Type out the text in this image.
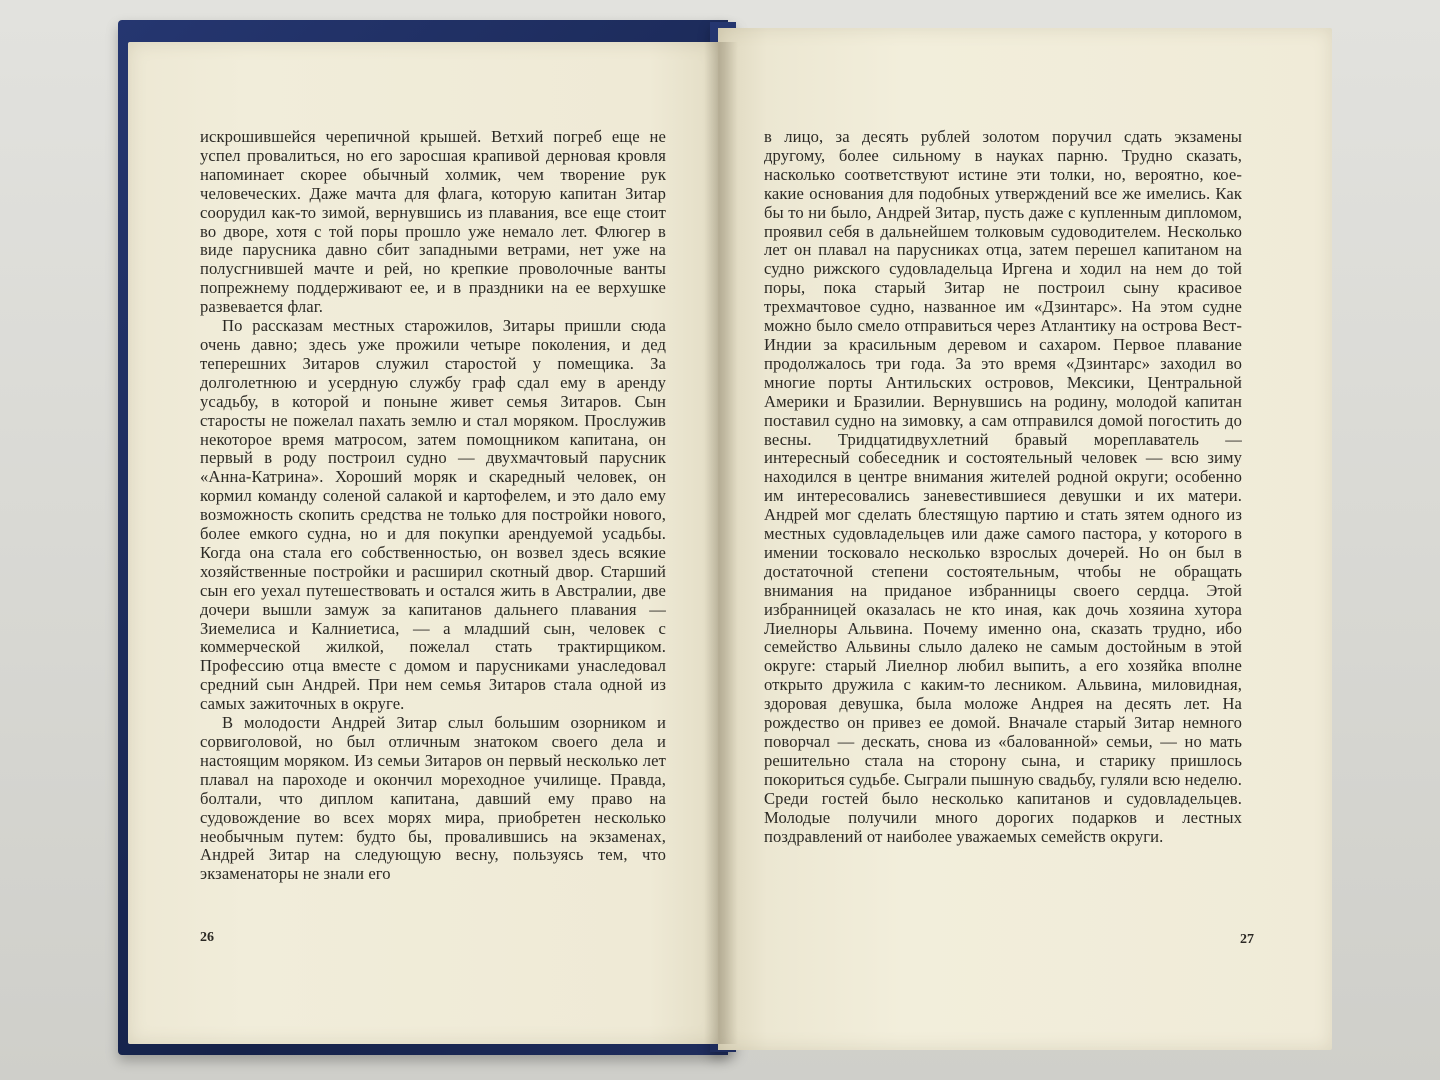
искрошившейся черепичной крышей. Ветхий погреб еще не успел провалиться, но его заросшая крапивой дерновая кровля напоминает скорее обычный холмик, чем творение рук человеческих. Даже мачта для флага, которую капитан Зитар соорудил как-то зимой, вернувшись из плавания, все еще стоит во дворе, хотя с той поры прошло уже немало лет. Флюгер в виде парусника давно сбит западными ветрами, нет уже на полусгнившей мачте и рей, но крепкие проволочные ванты попрежнему поддерживают ее, и в праздники на ее верхушке развевается флаг.

По рассказам местных старожилов, Зитары пришли сюда очень давно; здесь уже прожили четыре поколения, и дед теперешних Зитаров служил старостой у помещика. За долголетнюю и усердную службу граф сдал ему в аренду усадьбу, в которой и поныне живет семья Зитаров. Сын старосты не пожелал пахать землю и стал моряком. Прослужив некоторое время матросом, затем помощником капитана, он первый в роду построил судно — двухмачтовый парусник «Анна-Катрина». Хороший моряк и скаредный человек, он кормил команду соленой салакой и картофелем, и это дало ему возможность скопить средства не только для постройки нового, более емкого судна, но и для покупки арендуемой усадьбы. Когда она стала его собственностью, он возвел здесь всякие хозяйственные постройки и расширил скотный двор. Старший сын его уехал путешествовать и остался жить в Австралии, две дочери вышли замуж за капитанов дальнего плавания — Зиемелиса и Калниетиса, — а младший сын, человек с коммерческой жилкой, пожелал стать трактирщиком. Профессию отца вместе с домом и парусниками унаследовал средний сын Андрей. При нем семья Зитаров стала одной из самых зажиточных в округе.

В молодости Андрей Зитар слыл большим озорником и сорвиголовой, но был отличным знатоком своего дела и настоящим моряком. Из семьи Зитаров он первый несколько лет плавал на пароходе и окончил мореходное училище. Правда, болтали, что диплом капитана, давший ему право на судовождение во всех морях мира, приобретен несколько необычным путем: будто бы, провалившись на экзаменах, Андрей Зитар на следующую весну, пользуясь тем, что экзаменаторы не знали его

26

в лицо, за десять рублей золотом поручил сдать экзамены другому, более сильному в науках парню. Трудно сказать, насколько соответствуют истине эти толки, но, вероятно, кое-какие основания для подобных утверждений все же имелись. Как бы то ни было, Андрей Зитар, пусть даже с купленным дипломом, проявил себя в дальнейшем толковым судоводителем. Несколько лет он плавал на парусниках отца, затем перешел капитаном на судно рижского судовладельца Иргена и ходил на нем до той поры, пока старый Зитар не построил сыну красивое трехмачтовое судно, названное им «Дзинтарс». На этом судне можно было смело отправиться через Атлантику на острова Вест-Индии за красильным деревом и сахаром. Первое плавание продолжалось три года. За это время «Дзинтарс» заходил во многие порты Антильских островов, Мексики, Центральной Америки и Бразилии. Вернувшись на родину, молодой капитан поставил судно на зимовку, а сам отправился домой погостить до весны. Тридцатидвухлетний бравый мореплаватель — интересный собеседник и состоятельный человек — всю зиму находился в центре внимания жителей родной округи; особенно им интересовались заневестившиеся девушки и их матери. Андрей мог сделать блестящую партию и стать зятем одного из местных судовладельцев или даже самого пастора, у которого в имении тосковало несколько взрослых дочерей. Но он был в достаточной степени состоятельным, чтобы не обращать внимания на приданое избранницы своего сердца. Этой избранницей оказалась не кто иная, как дочь хозяина хутора Лиелноры Альвина. Почему именно она, сказать трудно, ибо семейство Альвины слыло далеко не самым достойным в этой округе: старый Лиелнор любил выпить, а его хозяйка вполне открыто дружила с каким-то лесником. Альвина, миловидная, здоровая девушка, была моложе Андрея на десять лет. На рождество он привез ее домой. Вначале старый Зитар немного поворчал — дескать, снова из «балованной» семьи, — но мать решительно стала на сторону сына, и старику пришлось покориться судьбе. Сыграли пышную свадьбу, гуляли всю неделю. Среди гостей было несколько капитанов и судовладельцев. Молодые получили много дорогих подарков и лестных поздравлений от наиболее уважаемых семейств округи.

27
